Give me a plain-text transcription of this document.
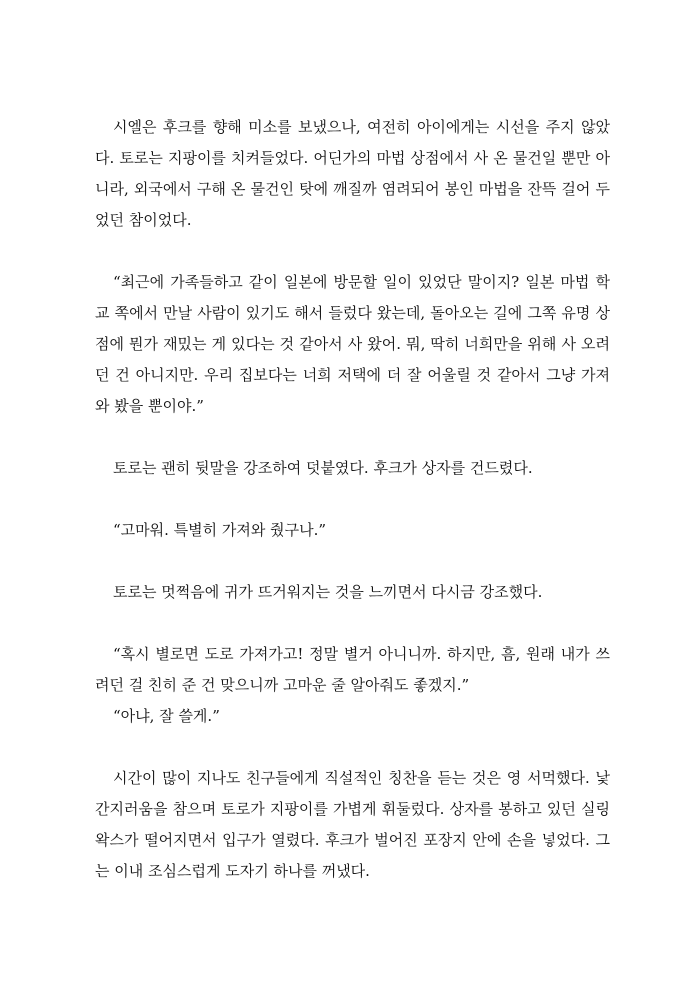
시엘은 후크를 향해 미소를 보냈으나, 여전히 아이에게는 시선을 주지 않았다. 토로는 지팡이를 치켜들었다. 어딘가의 마법 상점에서 사 온 물건일 뿐만 아니라, 외국에서 구해 온 물건인 탓에 깨질까 염려되어 봉인 마법을 잔뜩 걸어 두었던 참이었다.

“최근에 가족들하고 같이 일본에 방문할 일이 있었단 말이지? 일본 마법 학교 쪽에서 만날 사람이 있기도 해서 들렀다 왔는데, 돌아오는 길에 그쪽 유명 상점에 뭔가 재밌는 게 있다는 것 같아서 사 왔어. 뭐, 딱히 너희만을 위해 사 오려던 건 아니지만. 우리 집보다는 너희 저택에 더 잘 어울릴 것 같아서 그냥 가져와 봤을 뿐이야.”

토로는 괜히 뒷말을 강조하여 덧붙였다. 후크가 상자를 건드렸다.

“고마워. 특별히 가져와 줬구나.”

토로는 멋쩍음에 귀가 뜨거워지는 것을 느끼면서 다시금 강조했다.

“혹시 별로면 도로 가져가고! 정말 별거 아니니까. 하지만, 흠, 원래 내가 쓰려던 걸 친히 준 건 맞으니까 고마운 줄 알아줘도 좋겠지.”

“아냐, 잘 쓸게.”

시간이 많이 지나도 친구들에게 직설적인 칭찬을 듣는 것은 영 서먹했다. 낯간지러움을 참으며 토로가 지팡이를 가볍게 휘둘렀다. 상자를 봉하고 있던 실링 왁스가 떨어지면서 입구가 열렸다. 후크가 벌어진 포장지 안에 손을 넣었다. 그는 이내 조심스럽게 도자기 하나를 꺼냈다.
